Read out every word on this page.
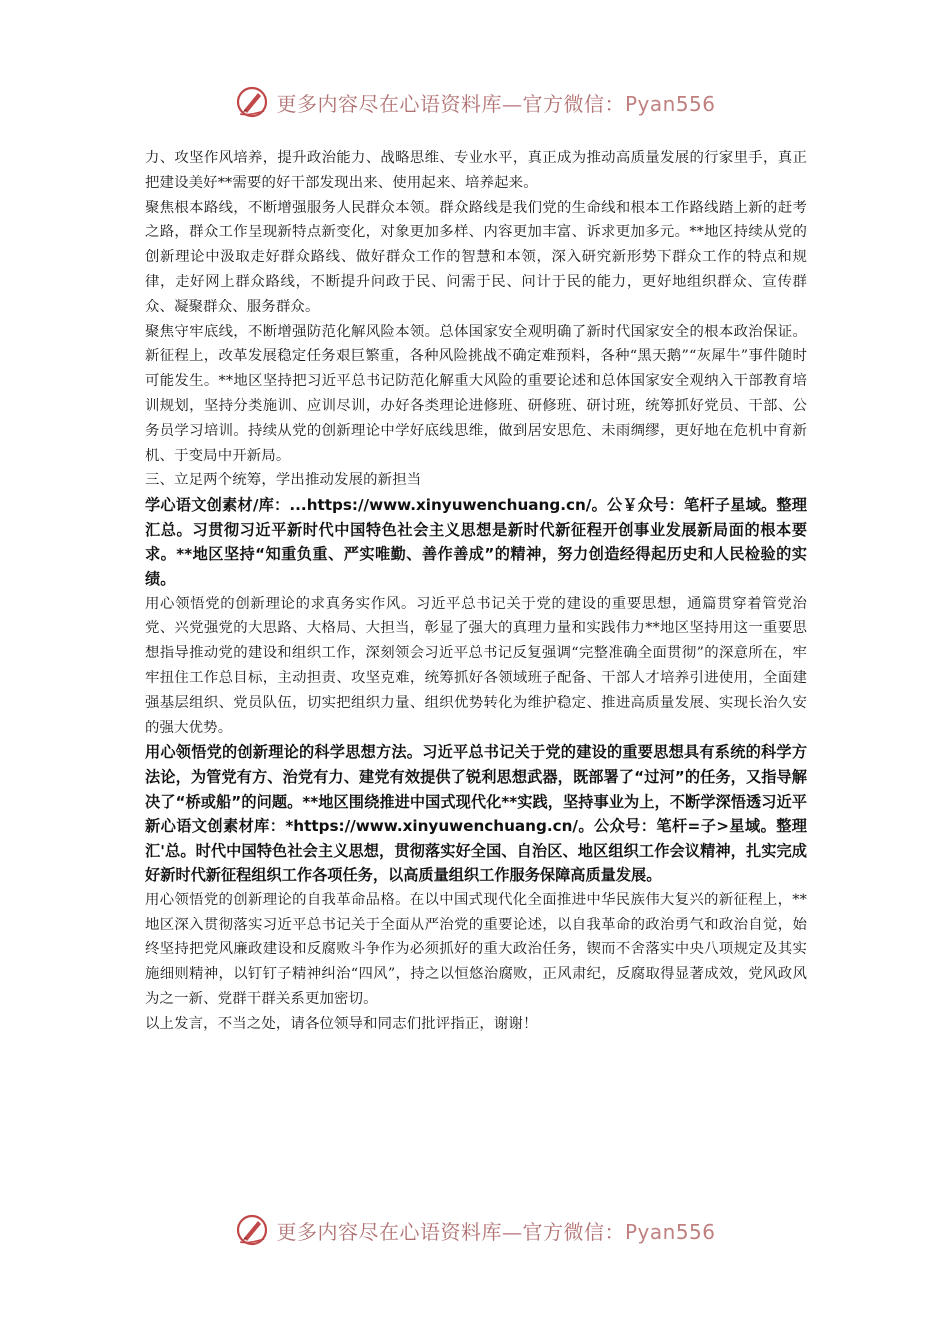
更多内容尽在心语资料库—官方微信：Pyan556

力、攻坚作风培养，提升政治能力、战略思维、专业水平，真正成为推动高质量发展的行家里手，真正把建设美好**需要的好干部发现出来、使用起来、培养起来。

聚焦根本路线，不断增强服务人民群众本领。群众路线是我们党的生命线和根本工作路线踏上新的赶考之路，群众工作呈现新特点新变化，对象更加多样、内容更加丰富、诉求更加多元。**地区持续从党的创新理论中汲取走好群众路线、做好群众工作的智慧和本领，深入研究新形势下群众工作的特点和规律，走好网上群众路线，不断提升问政于民、问需于民、问计于民的能力，更好地组织群众、宣传群众、凝聚群众、服务群众。

聚焦守牢底线，不断增强防范化解风险本领。总体国家安全观明确了新时代国家安全的根本政治保证。新征程上，改革发展稳定任务艰巨繁重，各种风险挑战不确定难预料，各种“黑天鹅”“灰犀牛”事件随时可能发生。**地区坚持把习近平总书记防范化解重大风险的重要论述和总体国家安全观纳入干部教育培训规划，坚持分类施训、应训尽训，办好各类理论进修班、研修班、研讨班，统筹抓好党员、干部、公务员学习培训。持续从党的创新理论中学好底线思维，做到居安思危、未雨绸缪，更好地在危机中育新机、于变局中开新局。

三、立足两个统筹，学出推动发展的新担当

学心语文创素材/库：...https://www.xinyuwenchuang.cn/。公￥众号：笔杆子星域。整理汇总。习贯彻习近平新时代中国特色社会主义思想是新时代新征程开创事业发展新局面的根本要求。**地区坚持“知重负重、严实唯勤、善作善成”的精神，努力创造经得起历史和人民检验的实绩。

用心领悟党的创新理论的求真务实作风。习近平总书记关于党的建设的重要思想，通篇贯穿着管党治党、兴党强党的大思路、大格局、大担当，彰显了强大的真理力量和实践伟力**地区坚持用这一重要思想指导推动党的建设和组织工作，深刻领会习近平总书记反复强调“完整准确全面贯彻”的深意所在，牢牢扭住工作总目标，主动担责、攻坚克难，统筹抓好各领域班子配备、干部人才培养引进使用，全面建强基层组织、党员队伍，切实把组织力量、组织优势转化为维护稳定、推进高质量发展、实现长治久安的强大优势。

用心领悟党的创新理论的科学思想方法。习近平总书记关于党的建设的重要思想具有系统的科学方法论，为管党有方、治党有力、建党有效提供了锐利思想武器，既部署了“过河”的任务，又指导解决了“桥或船”的问题。**地区围绕推进中国式现代化**实践，坚持事业为上，不断学深悟透习近平新心语文创素材库：*https://www.xinyuwenchuang.cn/。公众号：笔杆=子>星域。整理汇'总。时代中国特色社会主义思想，贯彻落实好全国、自治区、地区组织工作会议精神，扎实完成好新时代新征程组织工作各项任务，以高质量组织工作服务保障高质量发展。

用心领悟党的创新理论的自我革命品格。在以中国式现代化全面推进中华民族伟大复兴的新征程上，**地区深入贯彻落实习近平总书记关于全面从严治党的重要论述，以自我革命的政治勇气和政治自觉，始终坚持把党风廉政建设和反腐败斗争作为必须抓好的重大政治任务，锲而不舍落实中央八项规定及其实施细则精神，以钉钉子精神纠治“四风”，持之以恒悠治腐败，正风肃纪，反腐取得显著成效，党风政风为之一新、党群干群关系更加密切。

以上发言，不当之处，请各位领导和同志们批评指正，谢谢！

更多内容尽在心语资料库—官方微信：Pyan556
